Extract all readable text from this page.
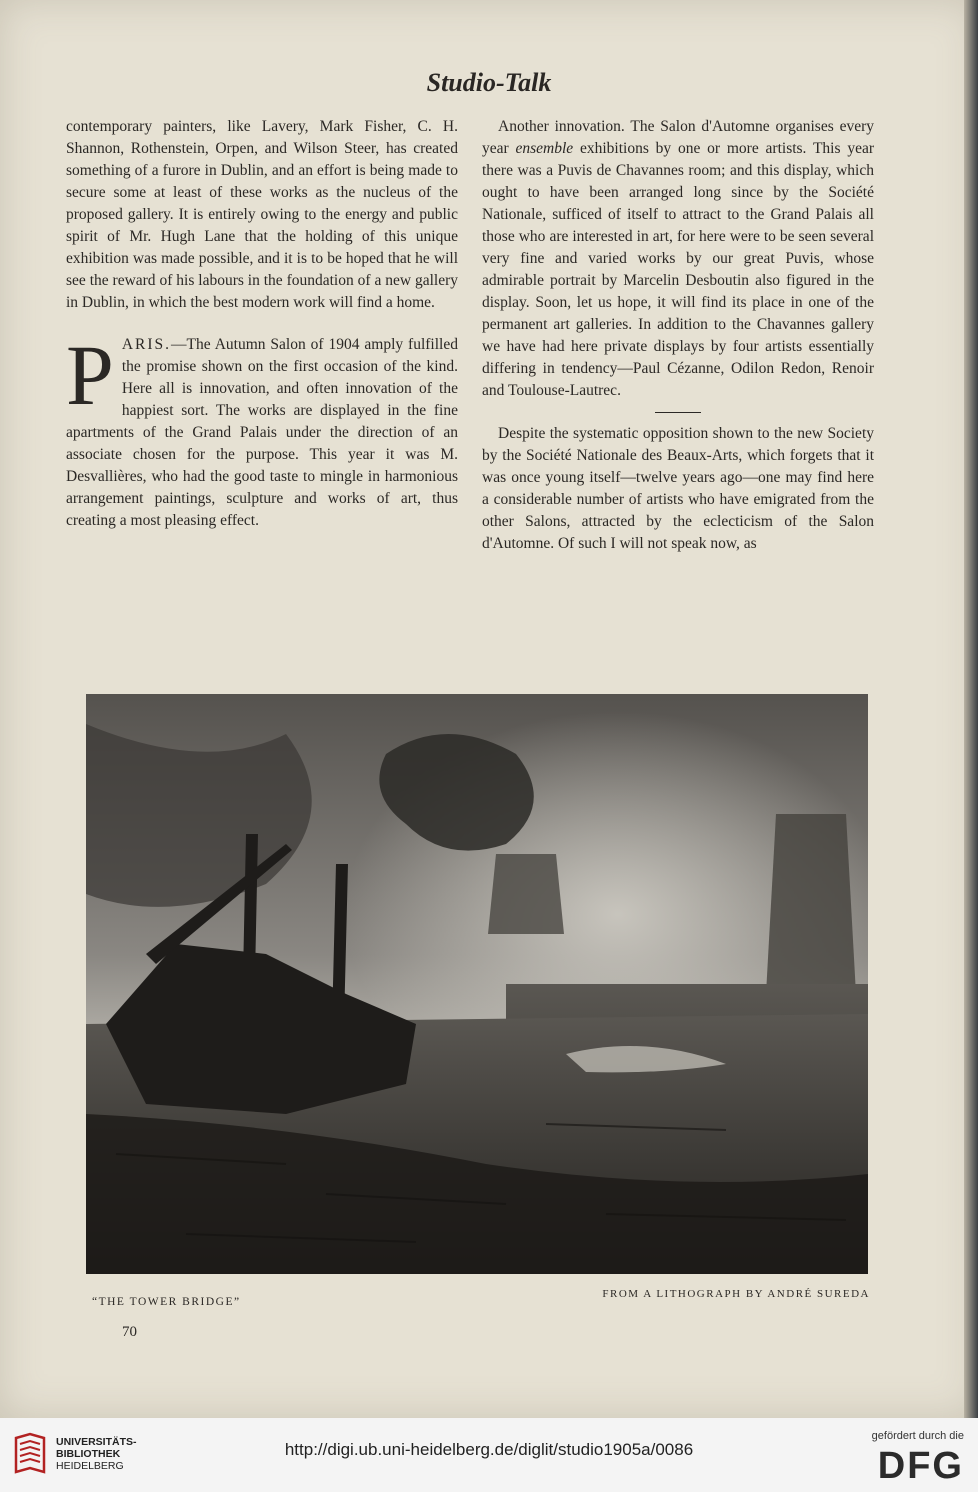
Studio-Talk

contemporary painters, like Lavery, Mark Fisher, C. H. Shannon, Rothenstein, Orpen, and Wilson Steer, has created something of a furore in Dublin, and an effort is being made to secure some at least of these works as the nucleus of the proposed gallery. It is entirely owing to the energy and public spirit of Mr. Hugh Lane that the holding of this unique exhibition was made possible, and it is to be hoped that he will see the reward of his labours in the foundation of a new gallery in Dublin, in which the best modern work will find a home.

PARIS.—The Autumn Salon of 1904 amply fulfilled the promise shown on the first occasion of the kind. Here all is innovation, and often innovation of the happiest sort. The works are displayed in the fine apartments of the Grand Palais under the direction of an associate chosen for the purpose. This year it was M. Desvallières, who had the good taste to mingle in harmonious arrangement paintings, sculpture and works of art, thus creating a most pleasing effect.

Another innovation. The Salon d'Automne organises every year ensemble exhibitions by one or more artists. This year there was a Puvis de Chavannes room; and this display, which ought to have been arranged long since by the Société Nationale, sufficed of itself to attract to the Grand Palais all those who are interested in art, for here were to be seen several very fine and varied works by our great Puvis, whose admirable portrait by Marcelin Desboutin also figured in the display. Soon, let us hope, it will find its place in one of the permanent art galleries. In addition to the Chavannes gallery we have had here private displays by four artists essentially differing in tendency—Paul Cézanne, Odilon Redon, Renoir and Toulouse-Lautrec.

Despite the systematic opposition shown to the new Society by the Société Nationale des Beaux-Arts, which forgets that it was once young itself—twelve years ago—one may find here a considerable number of artists who have emigrated from the other Salons, attracted by the eclecticism of the Salon d'Automne. Of such I will not speak now, as

“THE TOWER BRIDGE”

FROM A LITHOGRAPH BY ANDRÉ SUREDA

70

UNIVERSITÄTS-
BIBLIOTHEK
HEIDELBERG
http://digi.ub.uni-heidelberg.de/diglit/studio1905a/0086
gefördert durch die
DFG
